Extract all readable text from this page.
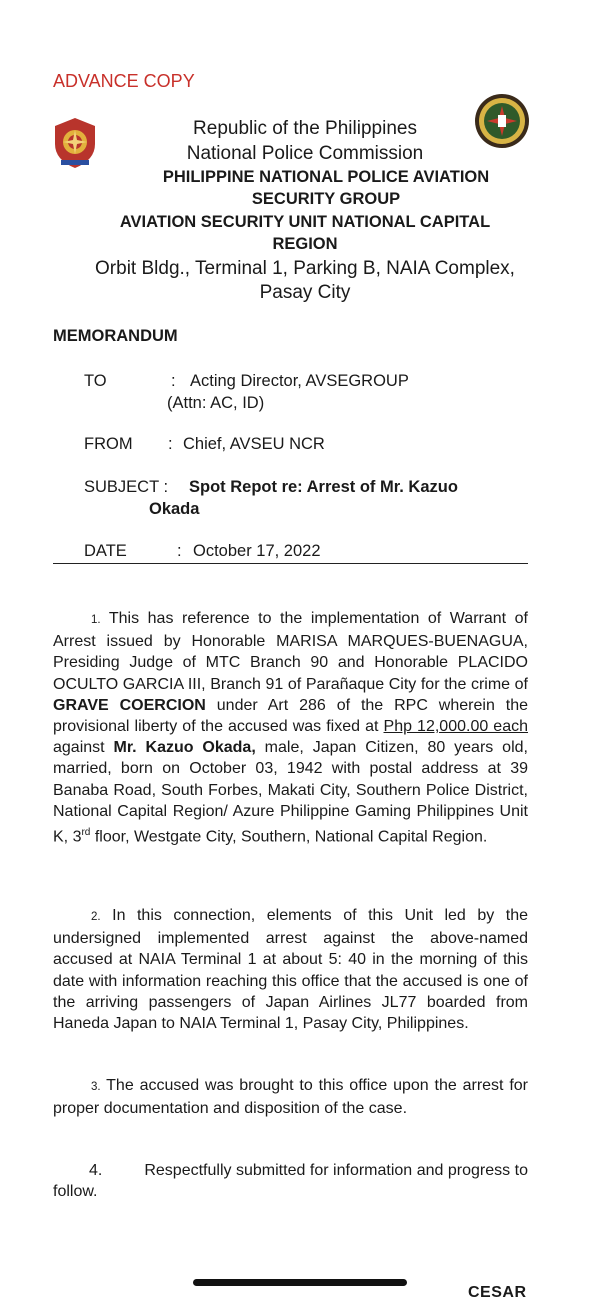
ADVANCE COPY
Republic of the Philippines
National Police Commission
PHILIPPINE NATIONAL POLICE AVIATION
SECURITY GROUP
AVIATION SECURITY UNIT NATIONAL CAPITAL
REGION
Orbit Bldg., Terminal 1, Parking B, NAIA Complex,
Pasay City
MEMORANDUM
TO	: Acting Director, AVSEGROUP
(Attn: AC, ID)
FROM : Chief, AVSEU NCR
SUBJECT : Spot Repot re: Arrest of Mr. Kazuo
Okada
DATE	: October 17, 2022
1. This has reference to the implementation of Warrant of Arrest issued by Honorable MARISA MARQUES-BUENAGUA, Presiding Judge of MTC Branch 90 and Honorable PLACIDO OCULTO GARCIA III, Branch 91 of Parañaque City for the crime of GRAVE COERCION under Art 286 of the RPC wherein the provisional liberty of the accused was fixed at Php 12,000.00 each against Mr. Kazuo Okada, male, Japan Citizen, 80 years old, married, born on October 03, 1942 with postal address at 39 Banaba Road, South Forbes, Makati City, Southern Police District, National Capital Region/ Azure Philippine Gaming Philippines Unit K, 3rd floor, Westgate City, Southern, National Capital Region.
2. In this connection, elements of this Unit led by the undersigned implemented arrest against the above-named accused at NAIA Terminal 1 at about 5: 40 in the morning of this date with information reaching this office that the accused is one of the arriving passengers of Japan Airlines JL77 boarded from Haneda Japan to NAIA Terminal 1, Pasay City, Philippines.
3. The accused was brought to this office upon the arrest for proper documentation and disposition of the case.
4.	Respectfully submitted for information and progress to follow.
CESAR
